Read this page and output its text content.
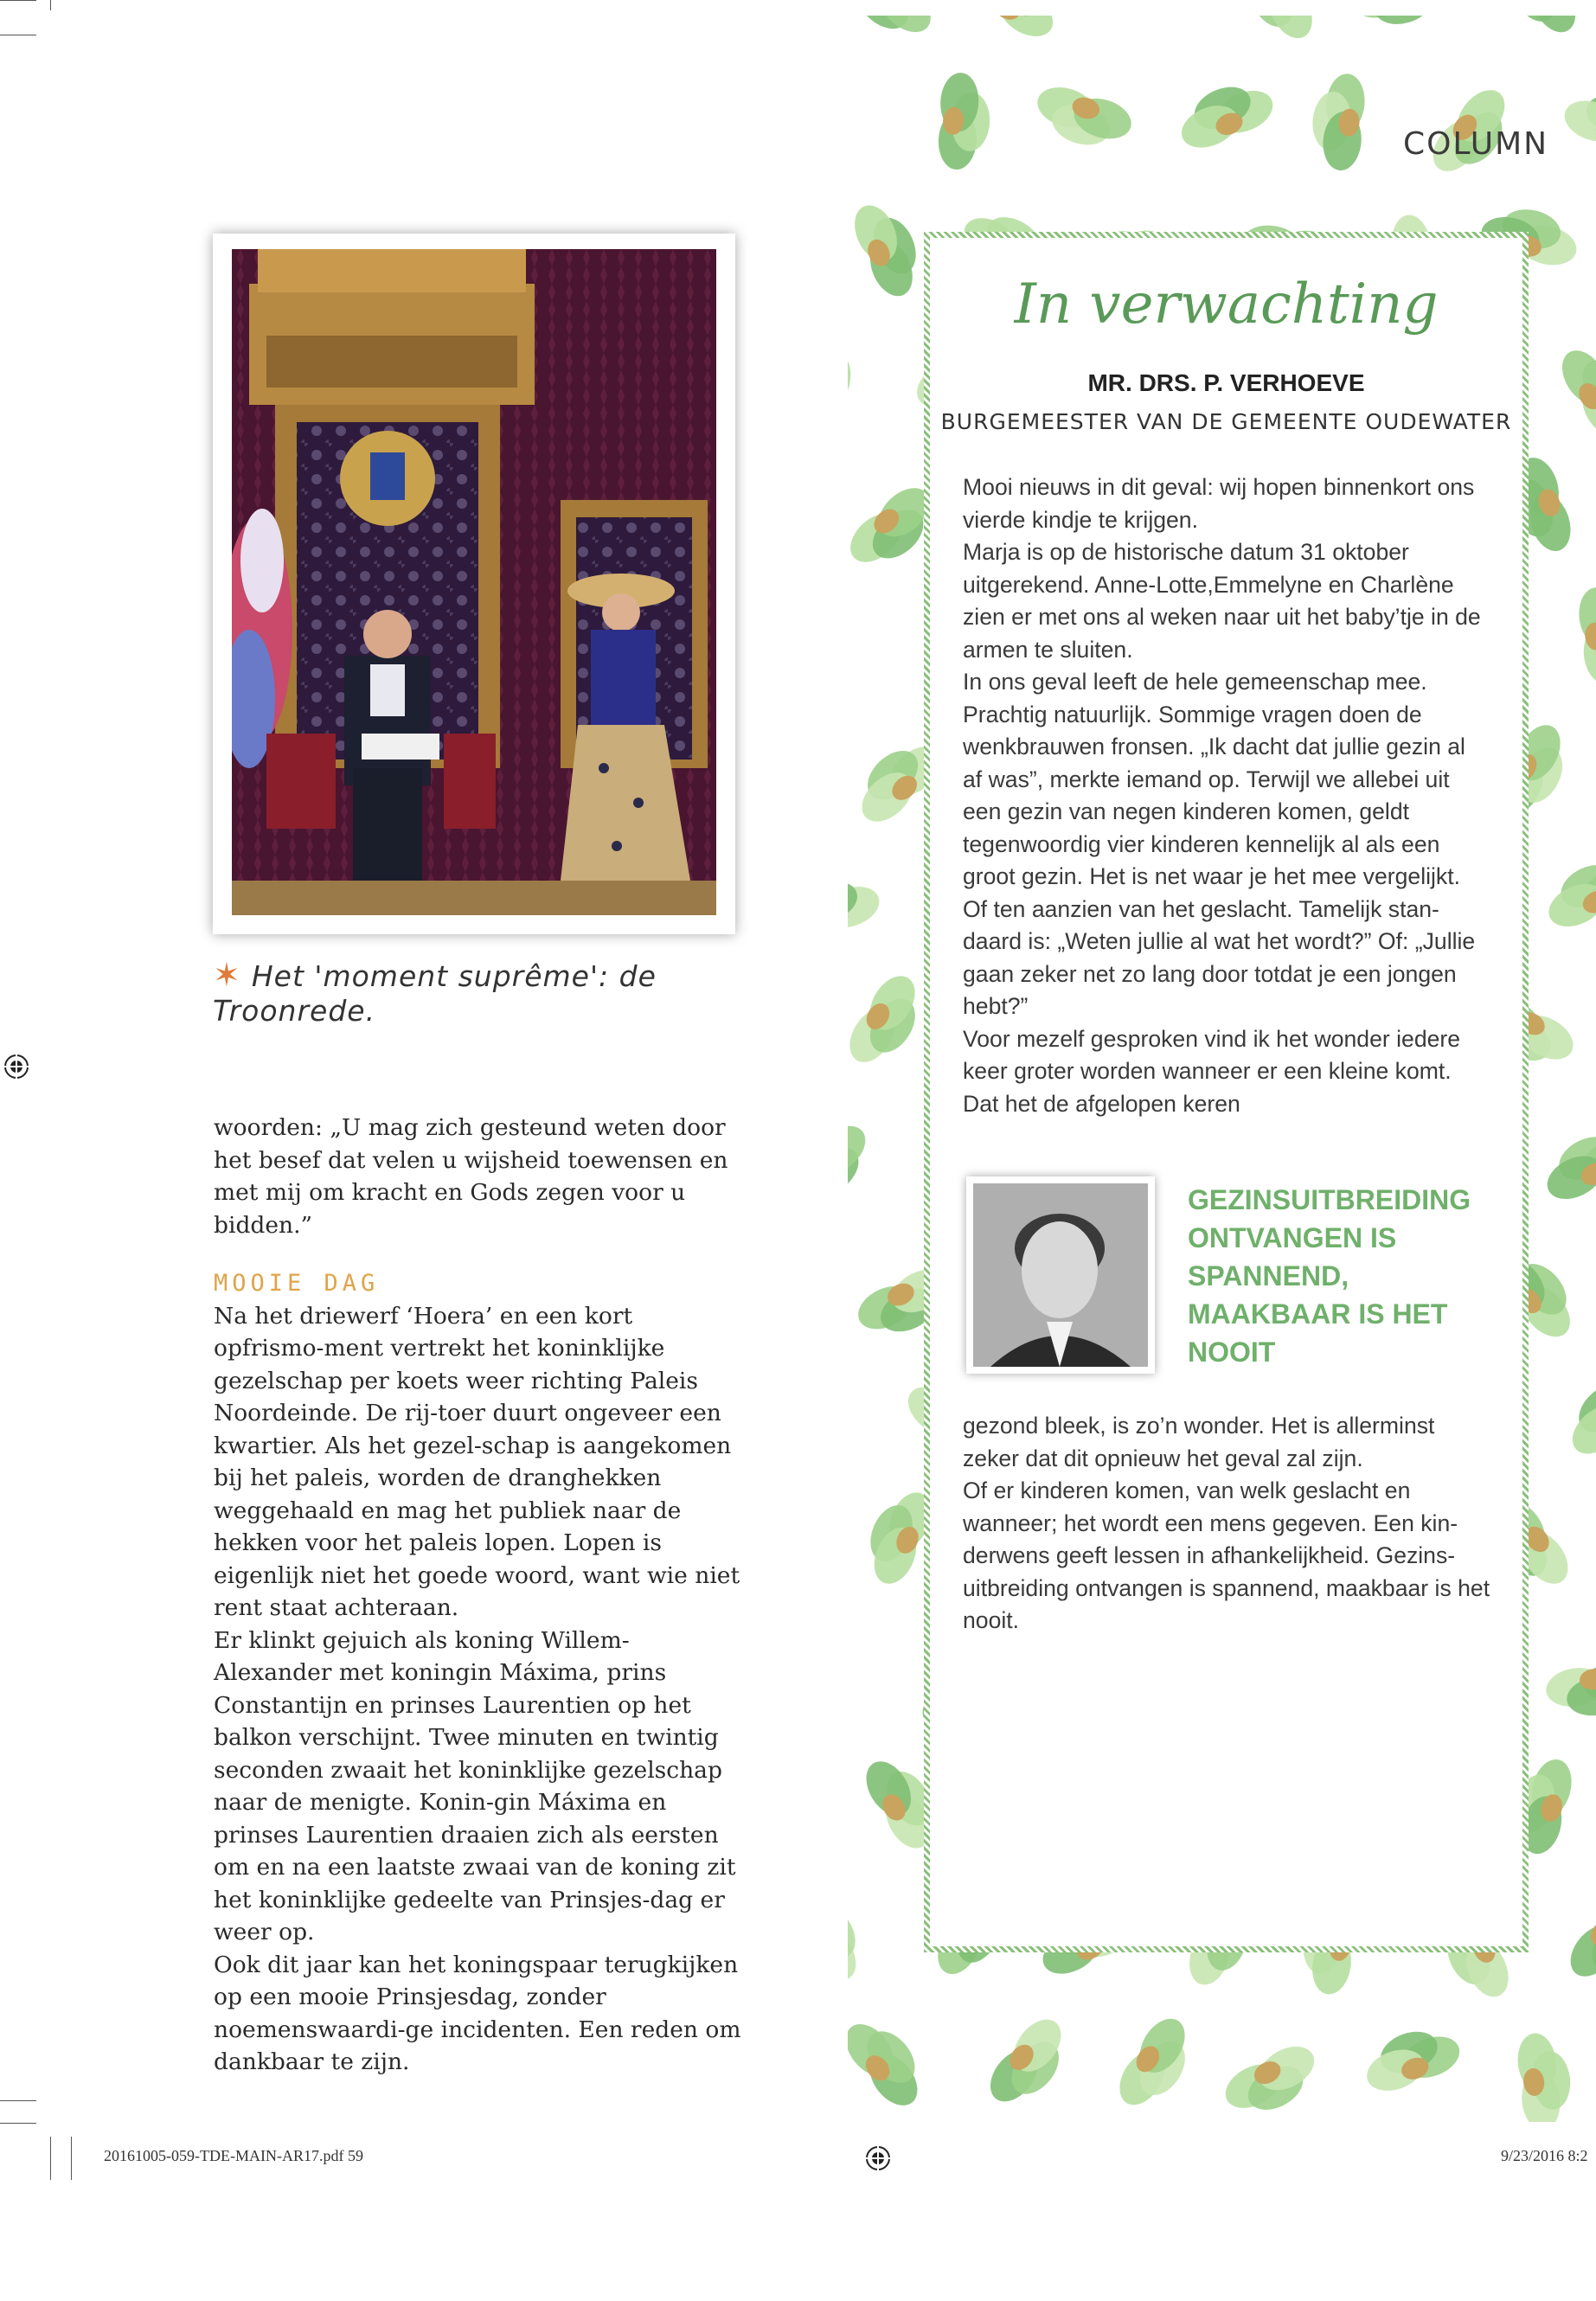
✶ Het 'moment suprême': de Troonrede.

woorden: „U mag zich gesteund weten door het besef dat velen u wijsheid toewensen en met mij om kracht en Gods zegen voor u bidden.”

MOOIE DAG

Na het driewerf ‘Hoera’ en een kort opfrismo-ment vertrekt het koninklijke gezelschap per koets weer richting Paleis Noordeinde. De rij-toer duurt ongeveer een kwartier. Als het gezel-schap is aangekomen bij het paleis, worden de dranghekken weggehaald en mag het publiek naar de hekken voor het paleis lopen. Lopen is eigenlijk niet het goede woord, want wie niet rent staat achteraan.

Er klinkt gejuich als koning Willem-Alexander met koningin Máxima, prins Constantijn en prinses Laurentien op het balkon verschijnt. Twee minuten en twintig seconden zwaait het koninklijke gezelschap naar de menigte. Konin-gin Máxima en prinses Laurentien draaien zich als eersten om en na een laatste zwaai van de koning zit het koninklijke gedeelte van Prinsjes-dag er weer op.

Ook dit jaar kan het koningspaar terugkijken op een mooie Prinsjesdag, zonder noemenswaardi-ge incidenten. Een reden om dankbaar te zijn.

COLUMN
In verwachting
MR. DRS. P. VERHOEVE
BURGEMEESTER VAN DE GEMEENTE OUDEWATER

Mooi nieuws in dit geval: wij hopen binnenkort ons vierde kindje te krijgen.

Marja is op de historische datum 31 oktober uitgerekend. Anne-Lotte,Emmelyne en Charlène zien er met ons al weken naar uit het baby’tje in de armen te sluiten.

In ons geval leeft de hele gemeenschap mee. Prachtig natuurlijk. Sommige vragen doen de wenkbrauwen fronsen. „Ik dacht dat jullie gezin al af was”, merkte iemand op. Terwijl we allebei uit een gezin van negen kinderen komen, geldt tegenwoordig vier kinderen kennelijk al als een groot gezin. Het is net waar je het mee vergelijkt.

Of ten aanzien van het geslacht. Tamelijk stan-daard is: „Weten jullie al wat het wordt?” Of: „Jullie gaan zeker net zo lang door totdat je een jongen hebt?”

Voor mezelf gesproken vind ik het wonder iedere keer groter worden wanneer er een kleine komt. Dat het de afgelopen keren

GEZINSUITBREIDING ONTVANGEN IS SPANNEND, MAAKBAAR IS HET NOOIT

gezond bleek, is zo’n wonder. Het is allerminst zeker dat dit opnieuw het geval zal zijn.

Of er kinderen komen, van welk geslacht en wanneer; het wordt een mens gegeven. Een kin-derwens geeft lessen in afhankelijkheid. Gezins-uitbreiding ontvangen is spannend, maakbaar is het nooit.

20161005-059-TDE-MAIN-AR17.pdf 59	9/23/2016 8:2
